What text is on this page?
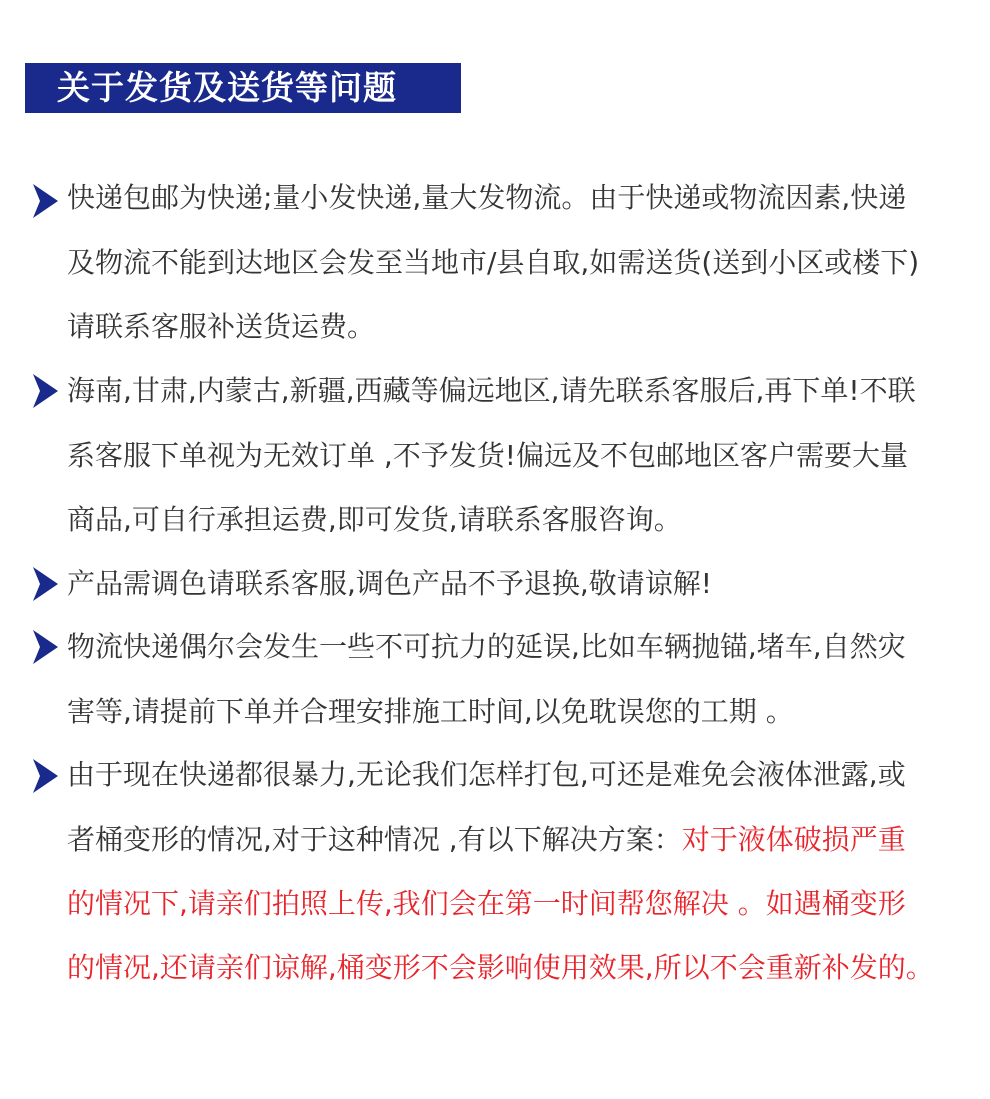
关于发货及送货等问题
快递包邮为快递;量小发快递,量大发物流。由于快递或物流因素,快递
及物流不能到达地区会发至当地市/县自取,如需送货(送到小区或楼下)
请联系客服补送货运费。
海南,甘肃,内蒙古,新疆,西藏等偏远地区,请先联系客服后,再下单!不联
系客服下单视为无效订单 ,不予发货!偏远及不包邮地区客户需要大量
商品,可自行承担运费,即可发货,请联系客服咨询。
产品需调色请联系客服,调色产品不予退换,敬请谅解!
物流快递偶尔会发生一些不可抗力的延误,比如车辆抛锚,堵车,自然灾
害等,请提前下单并合理安排施工时间,以免耽误您的工期 。
由于现在快递都很暴力,无论我们怎样打包,可还是难免会液体泄露,或
者桶变形的情况,对于这种情况 ,有以下解决方案：对于液体破损严重
的情况下,请亲们拍照上传,我们会在第一时间帮您解决 。如遇桶变形
的情况,还请亲们谅解,桶变形不会影响使用效果,所以不会重新补发的。
